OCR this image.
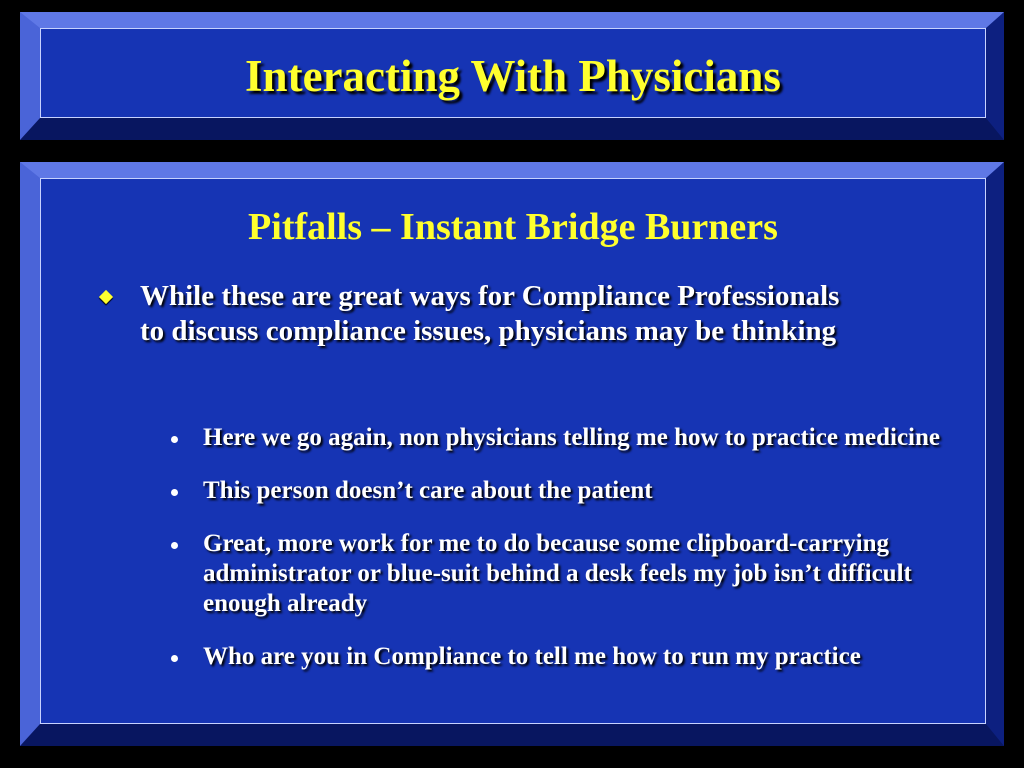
Interacting With Physicians
Pitfalls – Instant Bridge Burners
While these are great ways for Compliance Professionals to discuss compliance issues, physicians may be thinking
Here we go again, non physicians telling me how to practice medicine
This person doesn’t care about the patient
Great, more work for me to do because some clipboard-carrying administrator or blue-suit behind a desk feels my job isn’t difficult enough already
Who are you in Compliance to tell me how to run my practice
